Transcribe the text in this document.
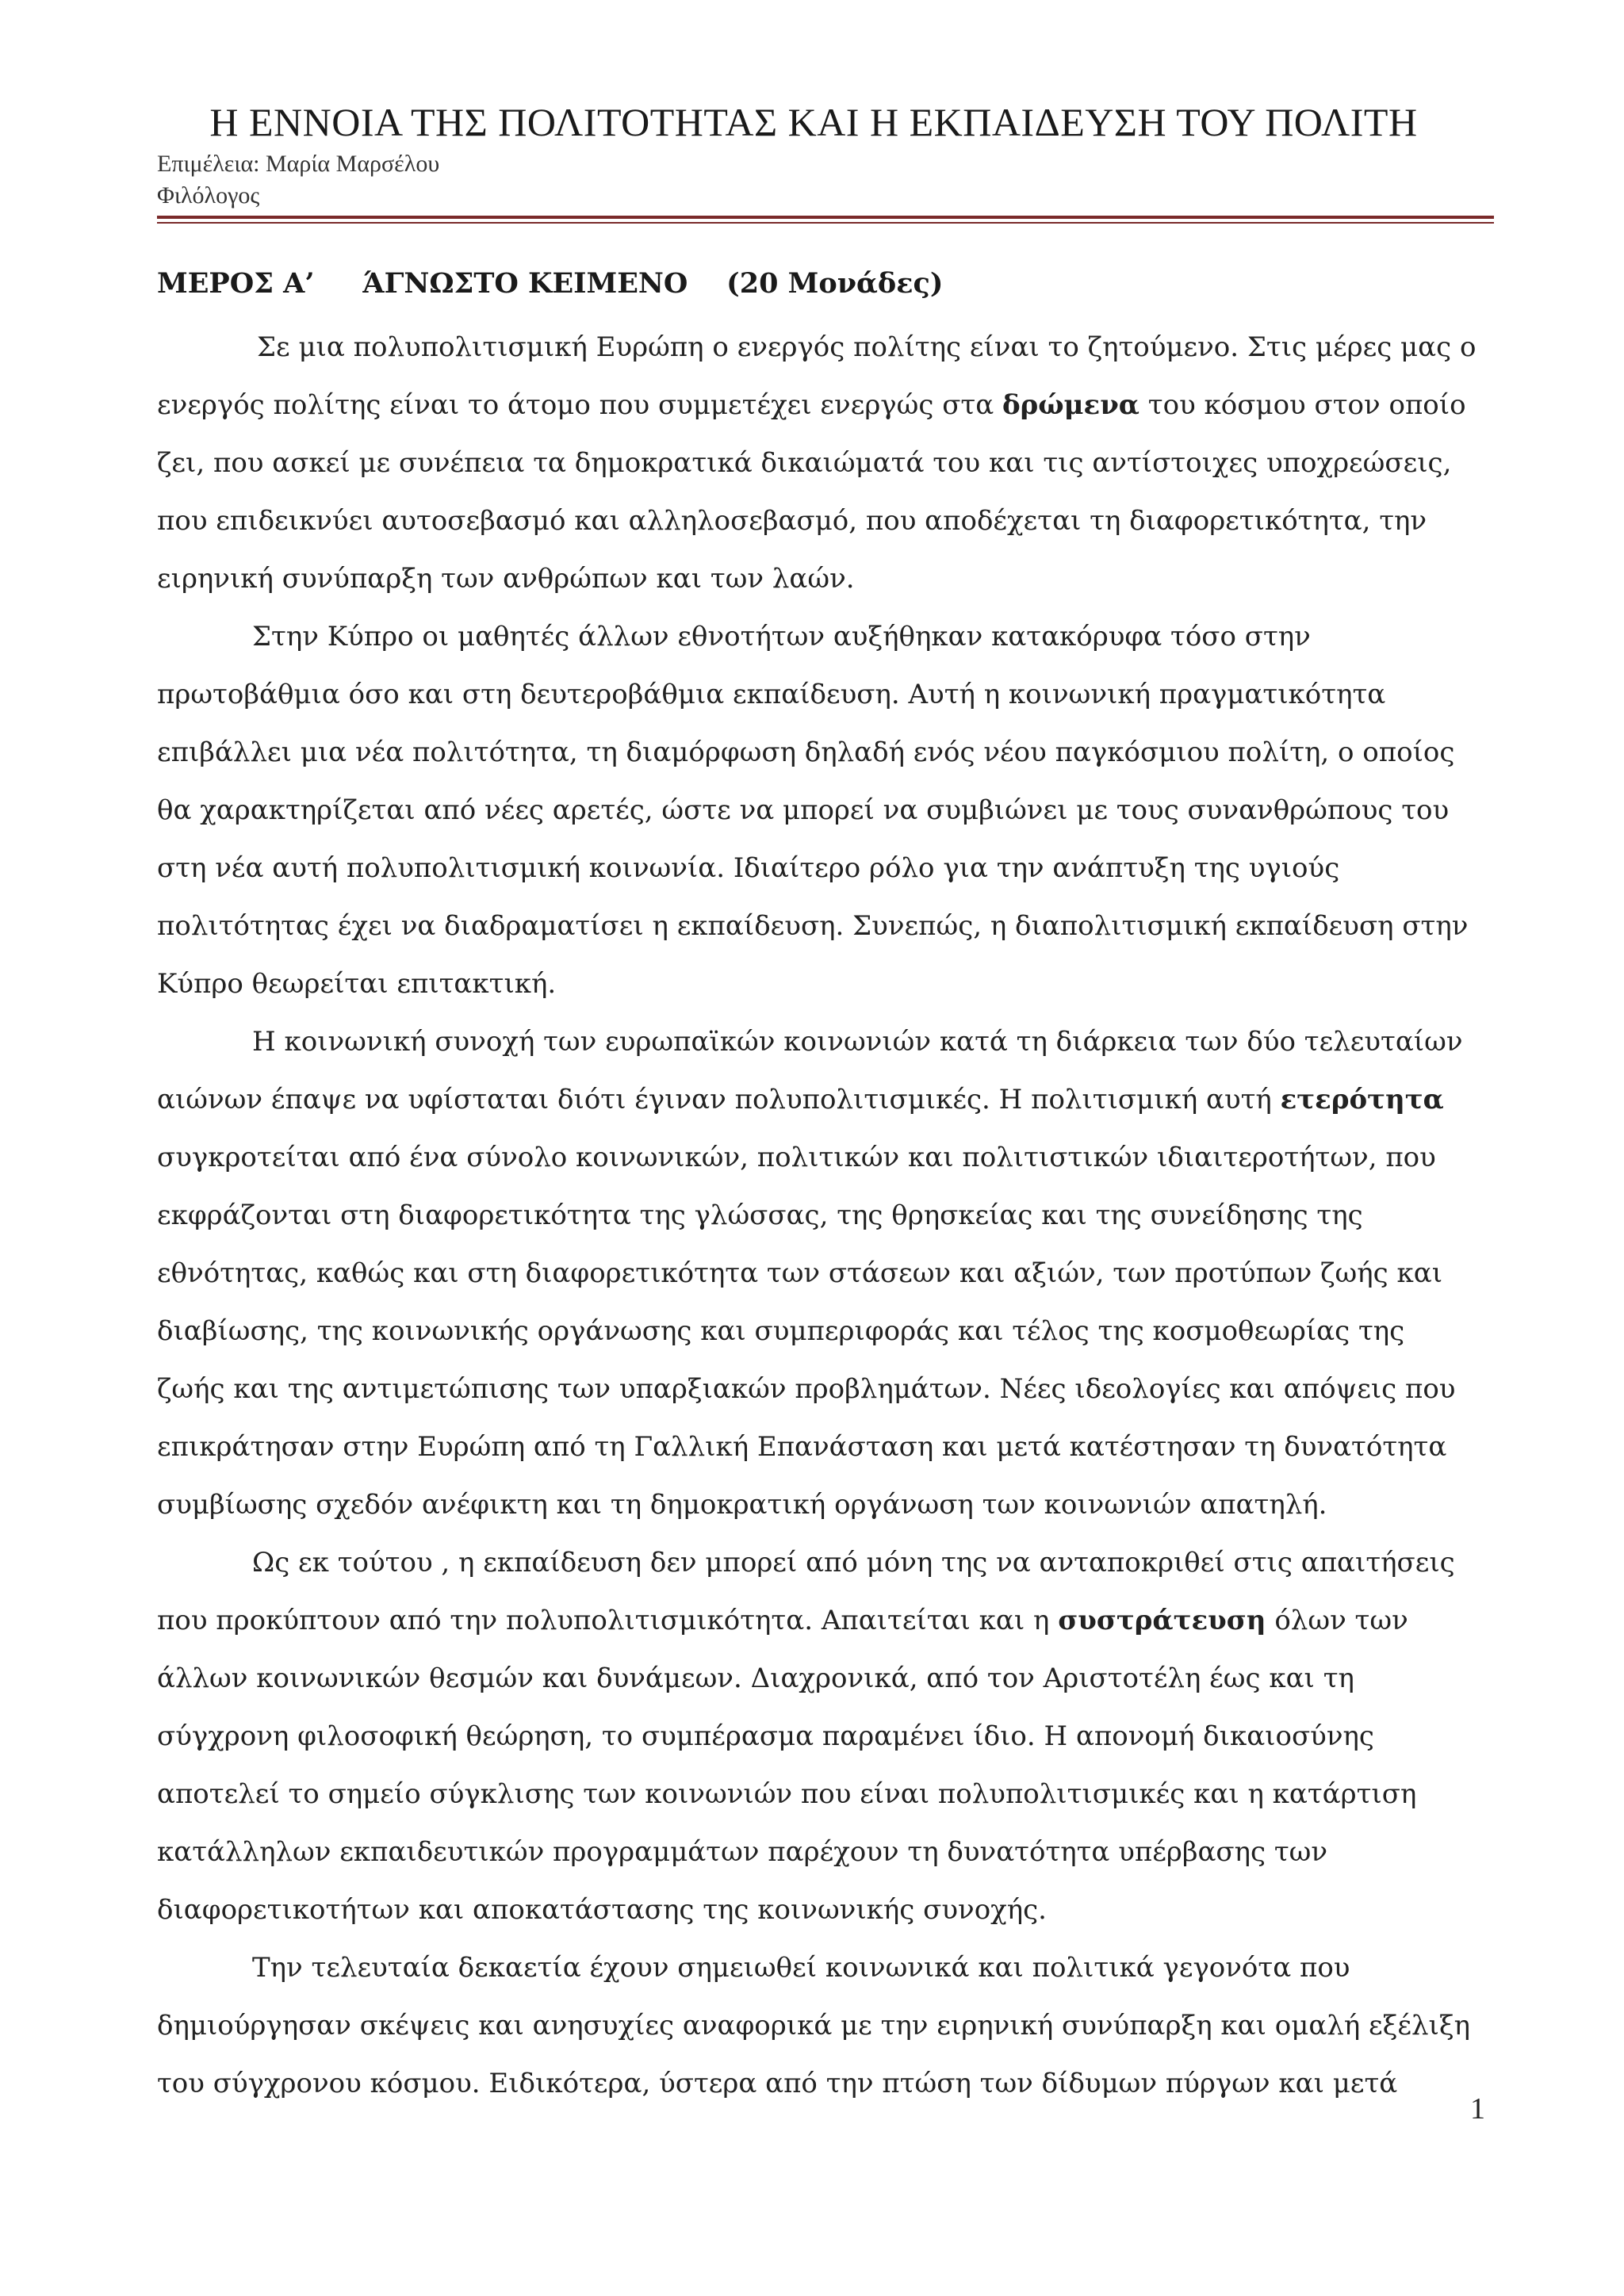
Η ΕΝΝΟΙΑ ΤΗΣ ΠΟΛΙΤΟΤΗΤΑΣ ΚΑΙ Η ΕΚΠΑΙΔΕΥΣΗ ΤΟΥ ΠΟΛΙΤΗ
Επιμέλεια: Μαρία Μαρσέλου
Φιλόλογος
ΜΕΡΟΣ Α’     ΆΓΝΩΣΤΟ ΚΕΙΜΕΝΟ    (20 Μονάδες)
Σε μια πολυπολιτισμική Ευρώπη ο ενεργός πολίτης είναι το ζητούμενο. Στις μέρες μας ο
ενεργός πολίτης είναι το άτομο που συμμετέχει ενεργώς στα δρώμενα του κόσμου στον οποίο
ζει, που ασκεί με συνέπεια τα δημοκρατικά δικαιώματά του και τις αντίστοιχες υποχρεώσεις,
που επιδεικνύει αυτοσεβασμό και αλληλοσεβασμό, που αποδέχεται τη διαφορετικότητα, την
ειρηνική συνύπαρξη των ανθρώπων και των λαών.
Στην Κύπρο οι μαθητές άλλων εθνοτήτων αυξήθηκαν κατακόρυφα τόσο στην
πρωτοβάθμια όσο και στη δευτεροβάθμια εκπαίδευση. Αυτή η κοινωνική πραγματικότητα
επιβάλλει μια νέα πολιτότητα, τη διαμόρφωση δηλαδή ενός νέου παγκόσμιου πολίτη, ο οποίος
θα χαρακτηρίζεται από νέες αρετές, ώστε να μπορεί να συμβιώνει με τους συνανθρώπους του
στη νέα αυτή πολυπολιτισμική κοινωνία. Ιδιαίτερο ρόλο για την ανάπτυξη της υγιούς
πολιτότητας έχει να διαδραματίσει η εκπαίδευση. Συνεπώς, η διαπολιτισμική εκπαίδευση στην
Κύπρο θεωρείται επιτακτική.
Η κοινωνική συνοχή των ευρωπαϊκών κοινωνιών κατά τη διάρκεια των δύο τελευταίων
αιώνων έπαψε να υφίσταται διότι έγιναν πολυπολιτισμικές. Η πολιτισμική αυτή ετερότητα
συγκροτείται από ένα σύνολο κοινωνικών, πολιτικών και πολιτιστικών ιδιαιτεροτήτων, που
εκφράζονται στη διαφορετικότητα της γλώσσας, της θρησκείας και της συνείδησης της
εθνότητας, καθώς και στη διαφορετικότητα των στάσεων και αξιών, των προτύπων ζωής και
διαβίωσης, της κοινωνικής οργάνωσης και συμπεριφοράς και τέλος της κοσμοθεωρίας της
ζωής και της αντιμετώπισης των υπαρξιακών προβλημάτων. Νέες ιδεολογίες και απόψεις που
επικράτησαν στην Ευρώπη από τη Γαλλική Επανάσταση και μετά κατέστησαν τη δυνατότητα
συμβίωσης σχεδόν ανέφικτη και τη δημοκρατική οργάνωση των κοινωνιών απατηλή.
Ως εκ τούτου , η εκπαίδευση δεν μπορεί από μόνη της να ανταποκριθεί στις απαιτήσεις
που προκύπτουν από την πολυπολιτισμικότητα. Απαιτείται και η συστράτευση όλων των
άλλων κοινωνικών θεσμών και δυνάμεων. Διαχρονικά, από τον Αριστοτέλη έως και τη
σύγχρονη φιλοσοφική θεώρηση, το συμπέρασμα παραμένει ίδιο. Η απονομή δικαιοσύνης
αποτελεί το σημείο σύγκλισης των κοινωνιών που είναι πολυπολιτισμικές και η κατάρτιση
κατάλληλων εκπαιδευτικών προγραμμάτων παρέχουν τη δυνατότητα υπέρβασης των
διαφορετικοτήτων και αποκατάστασης της κοινωνικής συνοχής.
Την τελευταία δεκαετία έχουν σημειωθεί κοινωνικά και πολιτικά γεγονότα που
δημιούργησαν σκέψεις και ανησυχίες αναφορικά με την ειρηνική συνύπαρξη και ομαλή εξέλιξη
του σύγχρονου κόσμου. Ειδικότερα, ύστερα από την πτώση των δίδυμων πύργων και μετά
1
